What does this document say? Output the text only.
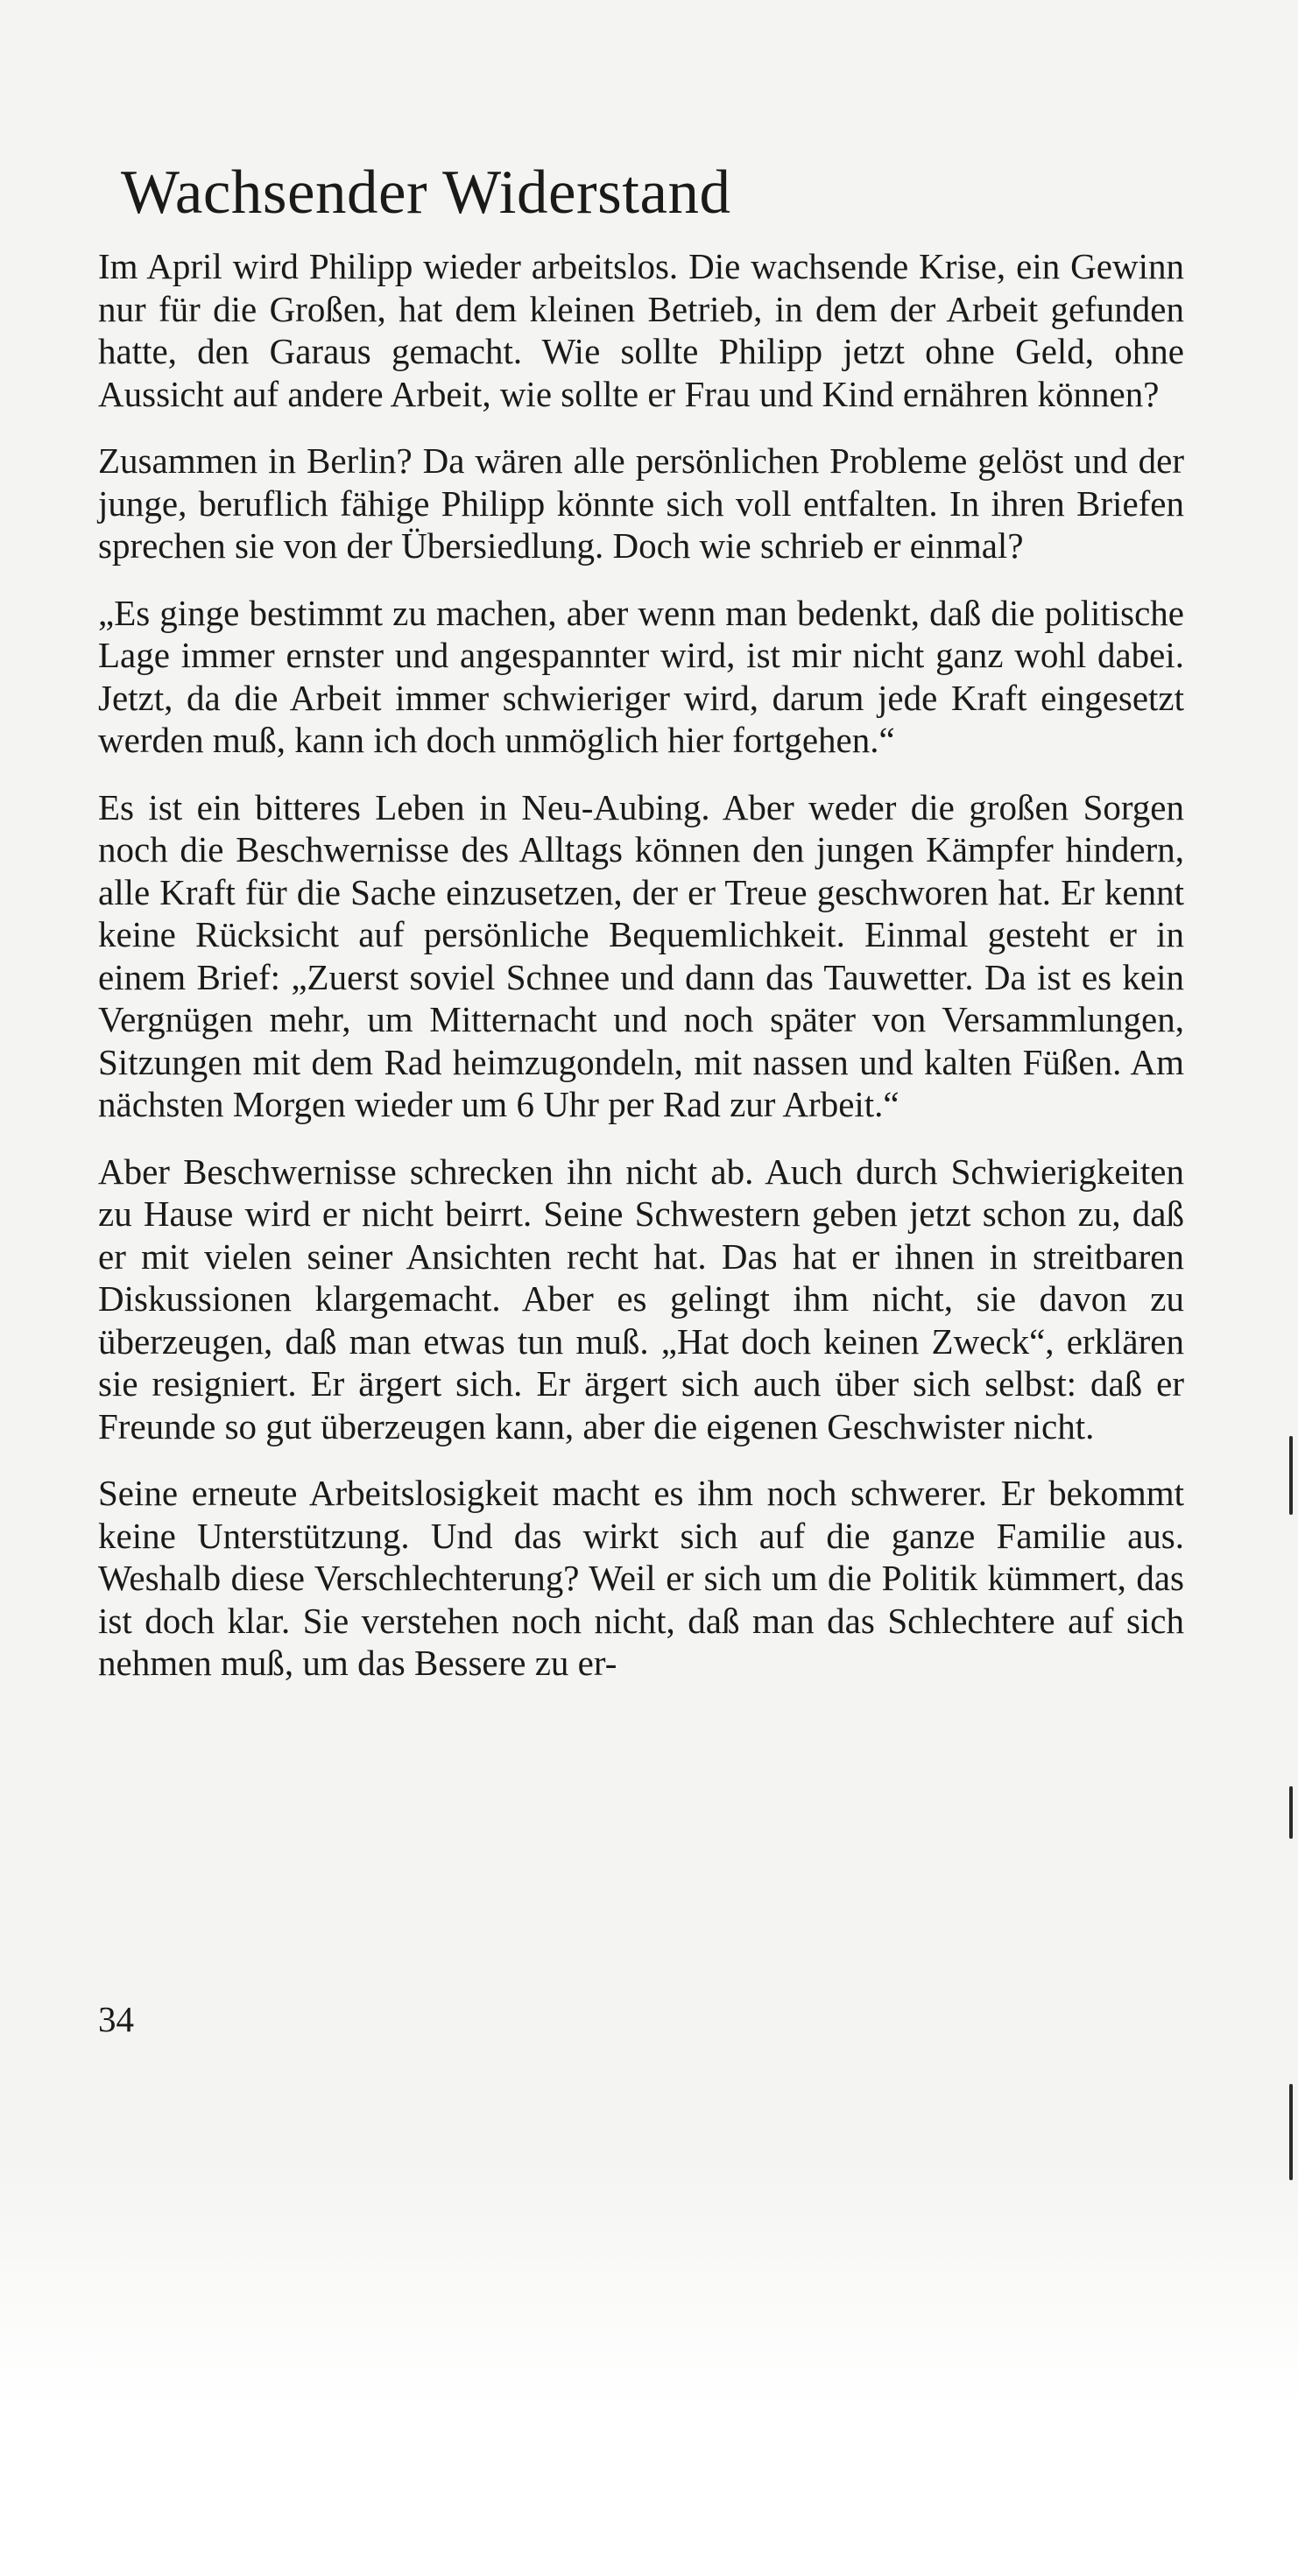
Wachsender Widerstand

Im April wird Philipp wieder arbeitslos. Die wachsende Krise, ein Gewinn nur für die Großen, hat dem kleinen Betrieb, in dem der Arbeit gefunden hatte, den Garaus gemacht. Wie sollte Philipp jetzt ohne Geld, ohne Aussicht auf andere Arbeit, wie sollte er Frau und Kind ernähren können?

Zusammen in Berlin? Da wären alle persönlichen Probleme gelöst und der junge, beruflich fähige Philipp könnte sich voll entfalten. In ihren Briefen sprechen sie von der Übersiedlung. Doch wie schrieb er einmal?

„Es ginge bestimmt zu machen, aber wenn man bedenkt, daß die politische Lage immer ernster und angespannter wird, ist mir nicht ganz wohl dabei. Jetzt, da die Arbeit immer schwieriger wird, darum jede Kraft eingesetzt werden muß, kann ich doch unmöglich hier fortgehen.“

Es ist ein bitteres Leben in Neu-Aubing. Aber weder die großen Sorgen noch die Beschwernisse des Alltags können den jungen Kämpfer hindern, alle Kraft für die Sache einzusetzen, der er Treue geschworen hat. Er kennt keine Rücksicht auf persönliche Bequemlichkeit. Einmal gesteht er in einem Brief: „Zuerst soviel Schnee und dann das Tauwetter. Da ist es kein Vergnügen mehr, um Mitternacht und noch später von Versammlungen, Sitzungen mit dem Rad heimzugondeln, mit nassen und kalten Füßen. Am nächsten Morgen wieder um 6 Uhr per Rad zur Arbeit.“

Aber Beschwernisse schrecken ihn nicht ab. Auch durch Schwierigkeiten zu Hause wird er nicht beirrt. Seine Schwestern geben jetzt schon zu, daß er mit vielen seiner Ansichten recht hat. Das hat er ihnen in streitbaren Diskussionen klargemacht. Aber es gelingt ihm nicht, sie davon zu überzeugen, daß man etwas tun muß. „Hat doch keinen Zweck“, erklären sie resigniert. Er ärgert sich. Er ärgert sich auch über sich selbst: daß er Freunde so gut überzeugen kann, aber die eigenen Geschwister nicht.

Seine erneute Arbeitslosigkeit macht es ihm noch schwerer. Er bekommt keine Unterstützung. Und das wirkt sich auf die ganze Familie aus. Weshalb diese Verschlechterung? Weil er sich um die Politik kümmert, das ist doch klar. Sie verstehen noch nicht, daß man das Schlechtere auf sich nehmen muß, um das Bessere zu er-

34
